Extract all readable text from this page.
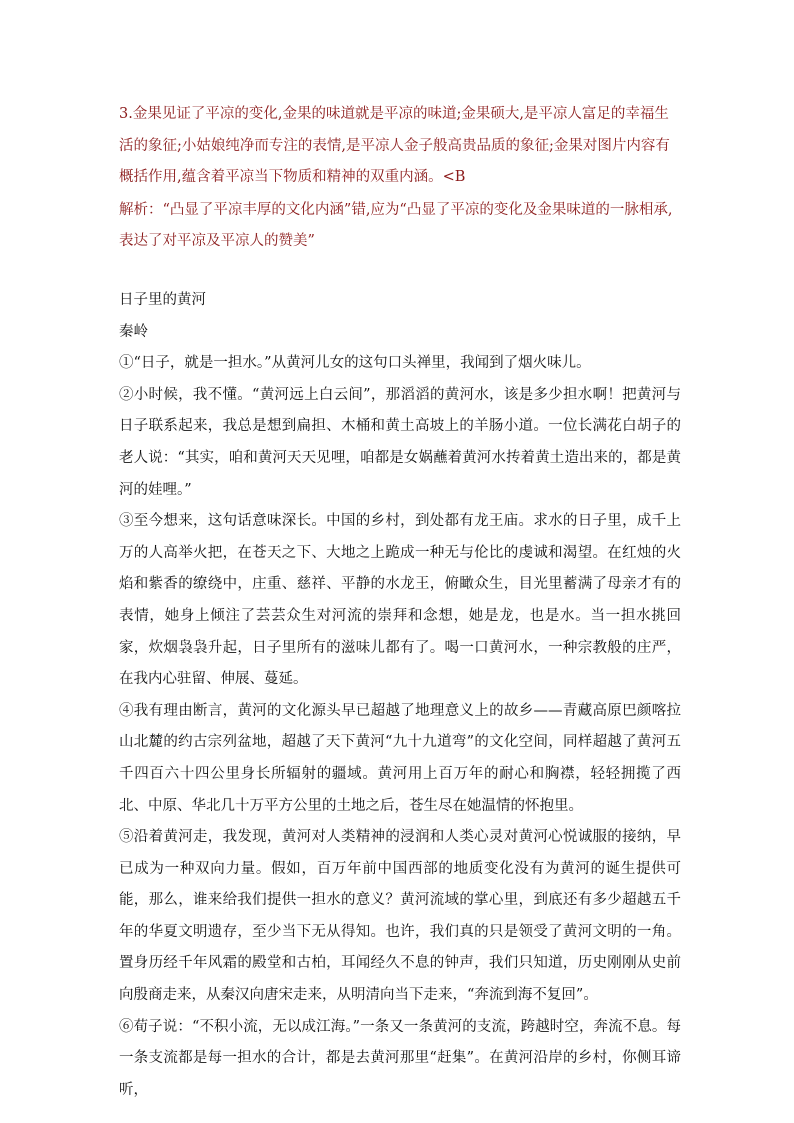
3.金果见证了平凉的变化,金果的味道就是平凉的味道;金果硕大,是平凉人富足的幸福生活的象征;小姑娘纯净而专注的表情,是平凉人金子般高贵品质的象征;金果对图片内容有概括作用,蕴含着平凉当下物质和精神的双重内涵。<B

解析：“凸显了平凉丰厚的文化内涵”错,应为“凸显了平凉的变化及金果味道的一脉相承,表达了对平凉及平凉人的赞美”

日子里的黄河

秦岭

①“日子，就是一担水。”从黄河儿女的这句口头禅里，我闻到了烟火味儿。

②小时候，我不懂。“黄河远上白云间”，那滔滔的黄河水，该是多少担水啊！把黄河与日子联系起来，我总是想到扁担、木桶和黄土高坡上的羊肠小道。一位长满花白胡子的老人说：“其实，咱和黄河天天见哩，咱都是女娲蘸着黄河水抟着黄土造出来的，都是黄河的娃哩。”

③至今想来，这句话意味深长。中国的乡村，到处都有龙王庙。求水的日子里，成千上万的人高举火把，在苍天之下、大地之上跪成一种无与伦比的虔诚和渴望。在红烛的火焰和紫香的缭绕中，庄重、慈祥、平静的水龙王，俯瞰众生，目光里蓄满了母亲才有的表情，她身上倾注了芸芸众生对河流的崇拜和念想，她是龙，也是水。当一担水挑回家，炊烟袅袅升起，日子里所有的滋味儿都有了。喝一口黄河水，一种宗教般的庄严，在我内心驻留、伸展、蔓延。

④我有理由断言，黄河的文化源头早已超越了地理意义上的故乡——青藏高原巴颜喀拉山北麓的约古宗列盆地，超越了天下黄河“九十九道弯”的文化空间，同样超越了黄河五千四百六十四公里身长所辐射的疆域。黄河用上百万年的耐心和胸襟，轻轻拥揽了西北、中原、华北几十万平方公里的土地之后，苍生尽在她温情的怀抱里。

⑤沿着黄河走，我发现，黄河对人类精神的浸润和人类心灵对黄河心悦诚服的接纳，早已成为一种双向力量。假如，百万年前中国西部的地质变化没有为黄河的诞生提供可能，那么，谁来给我们提供一担水的意义？黄河流域的掌心里，到底还有多少超越五千年的华夏文明遗存，至少当下无从得知。也许，我们真的只是领受了黄河文明的一角。置身历经千年风霜的殿堂和古柏，耳闻经久不息的钟声，我们只知道，历史刚刚从史前向殷商走来，从秦汉向唐宋走来，从明清向当下走来，“奔流到海不复回”。

⑥荀子说：“不积小流，无以成江海。”一条又一条黄河的支流，跨越时空，奔流不息。每一条支流都是每一担水的合计，都是去黄河那里“赶集”。在黄河沿岸的乡村，你侧耳谛听，
